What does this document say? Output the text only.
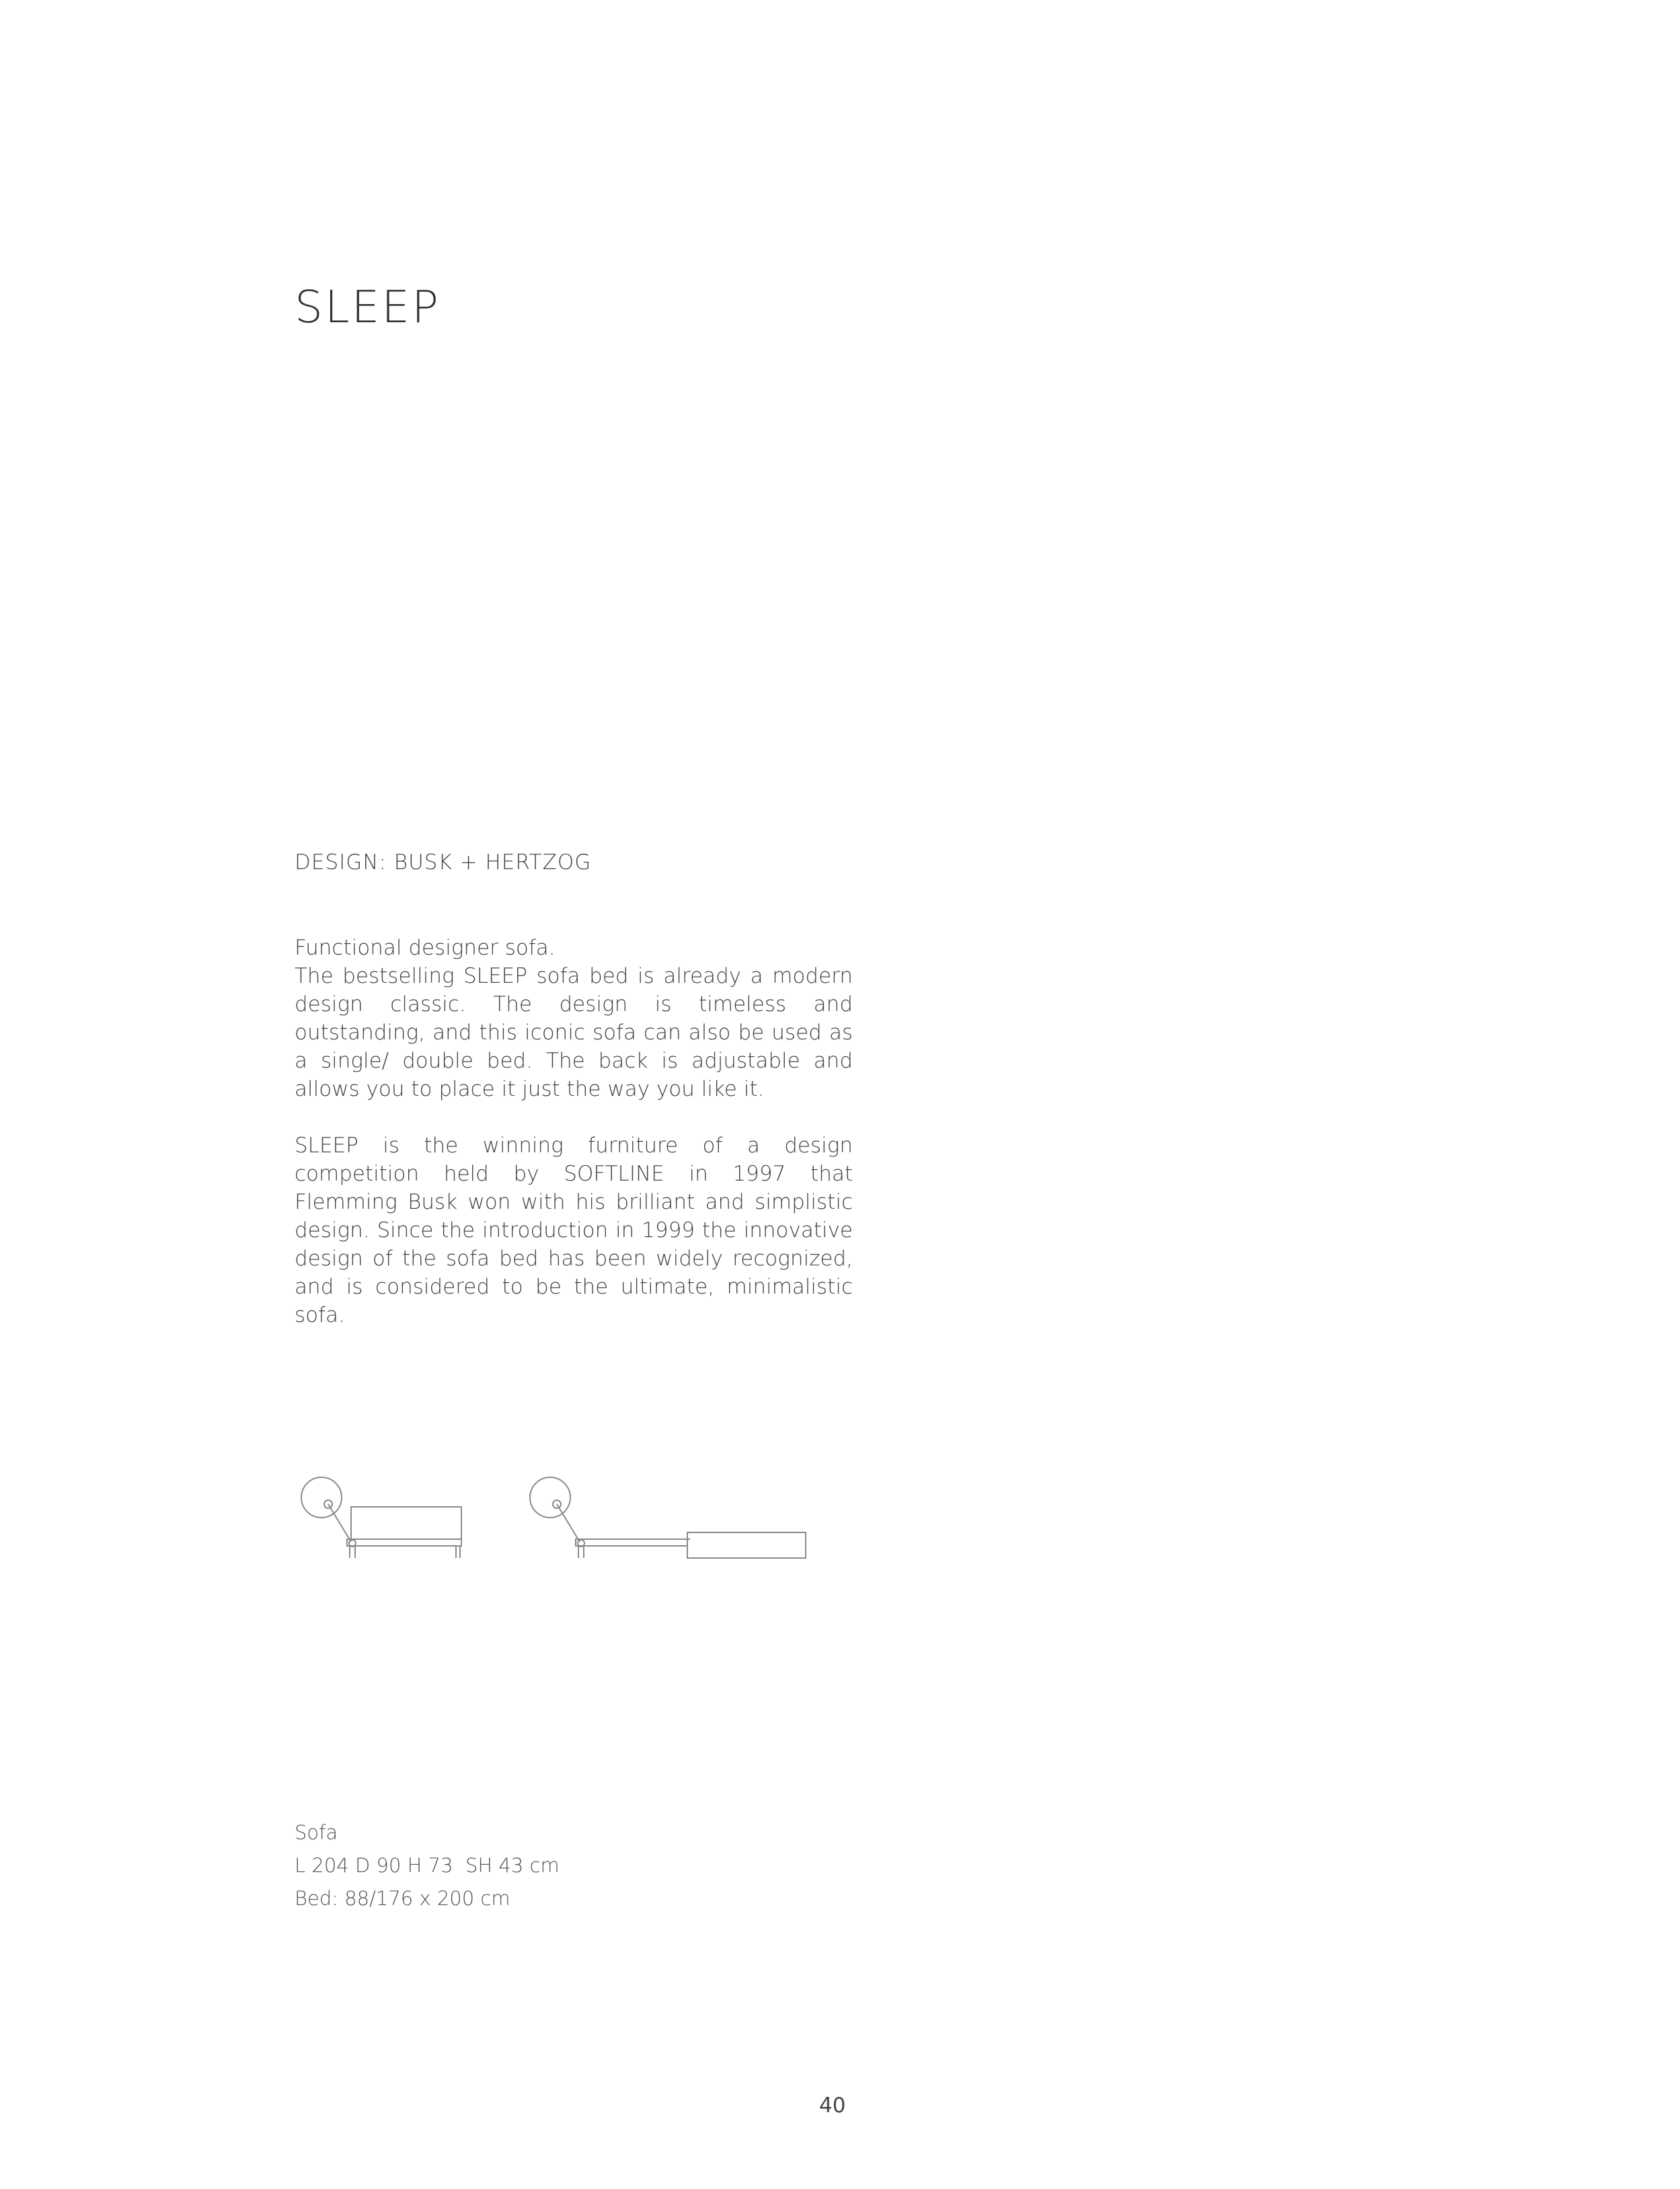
SLEEP
DESIGN: BUSK + HERTZOG

Functional designer sofa.
The bestselling SLEEP sofa bed is already a modern design classic. The design is timeless and outstanding, and this iconic sofa can also be used as a single/ double bed. The back is adjustable and allows you to place it just the way you like it.

SLEEP is the winning furniture of a design competition held by SOFTLINE in 1997 that Flemming Busk won with his brilliant and simplistic design. Since the introduction in 1999 the innovative design of the sofa bed has been widely recognized, and is considered to be the ultimate, minimalistic sofa.

Sofa
L 204 D 90 H 73  SH 43 cm
Bed: 88/176 x 200 cm
40
